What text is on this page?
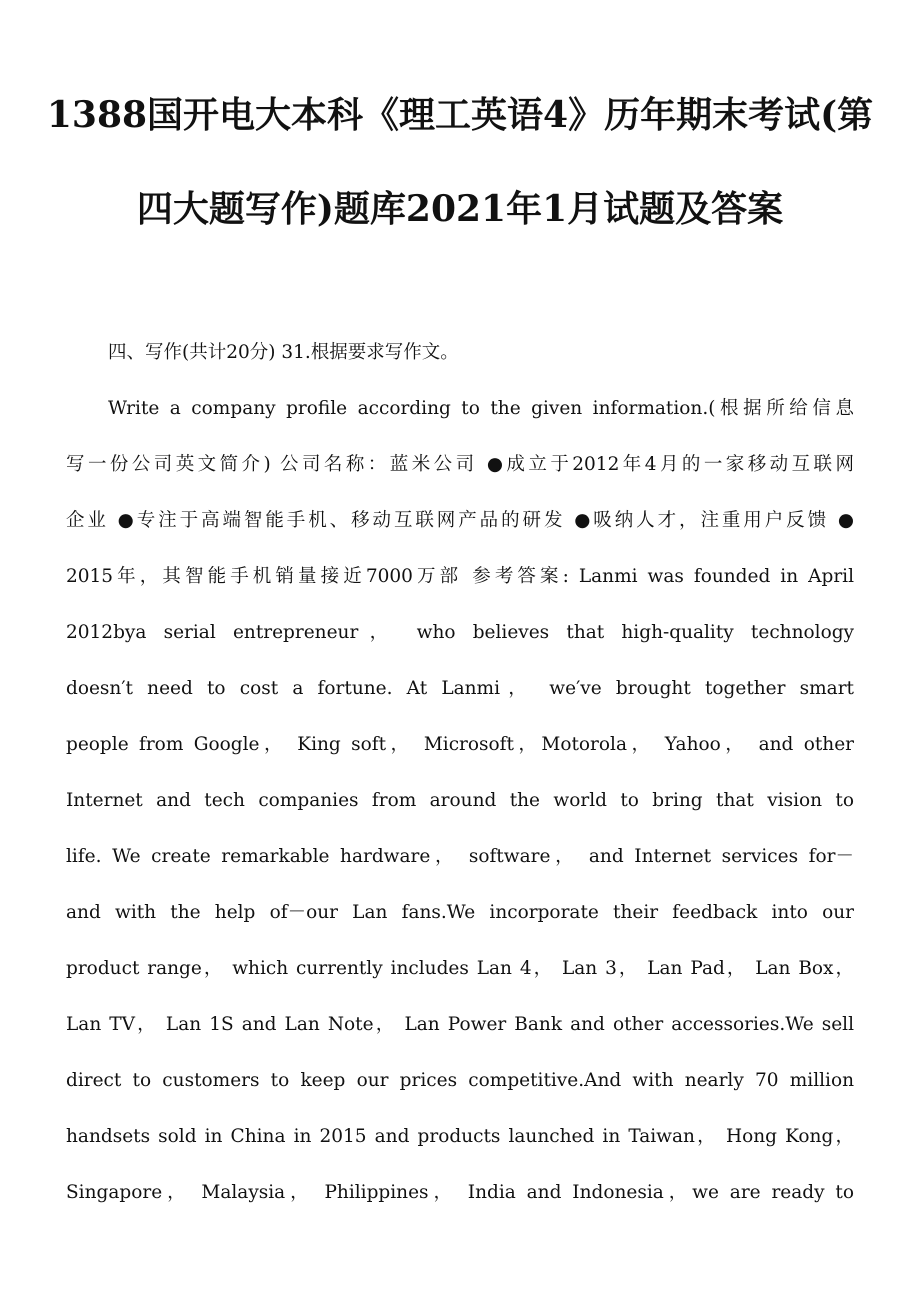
1388国开电大本科《理工英语4》历年期末考试(第
四大题写作)题库2021年1月试题及答案
四、写作(共计20分) 31.根据要求写作文。
Write a company profile according to the given information.(根据所给信息
写一份公司英文简介) 公司名称：蓝米公司 ●成立于2012年4月的一家移动互联网
企业 ●专注于高端智能手机、移动互联网产品的研发 ●吸纳人才，注重用户反馈 ●
2015年，其智能手机销量接近7000万部 参考答案: Lanmi was founded in April
2012bya serial entrepreneur， who believes that high-quality technology
doesn′t need to cost a fortune. At Lanmi， we′ve brought together smart
people from Google， King soft， Microsoft，Motorola， Yahoo， and other
Internet and tech companies from around the world to bring that vision to
life. We create remarkable hardware， software， and Internet services for－
and with the help of－our Lan fans.We incorporate their feedback into our
product range， which currently includes Lan 4， Lan 3， Lan Pad， Lan Box，
Lan TV， Lan 1S and Lan Note， Lan Power Bank and other accessories.We sell
direct to customers to keep our prices competitive.And with nearly 70 million
handsets sold in China in 2015 and products launched in Taiwan， Hong Kong，
Singapore， Malaysia， Philippines， India and Indonesia，we are ready to
